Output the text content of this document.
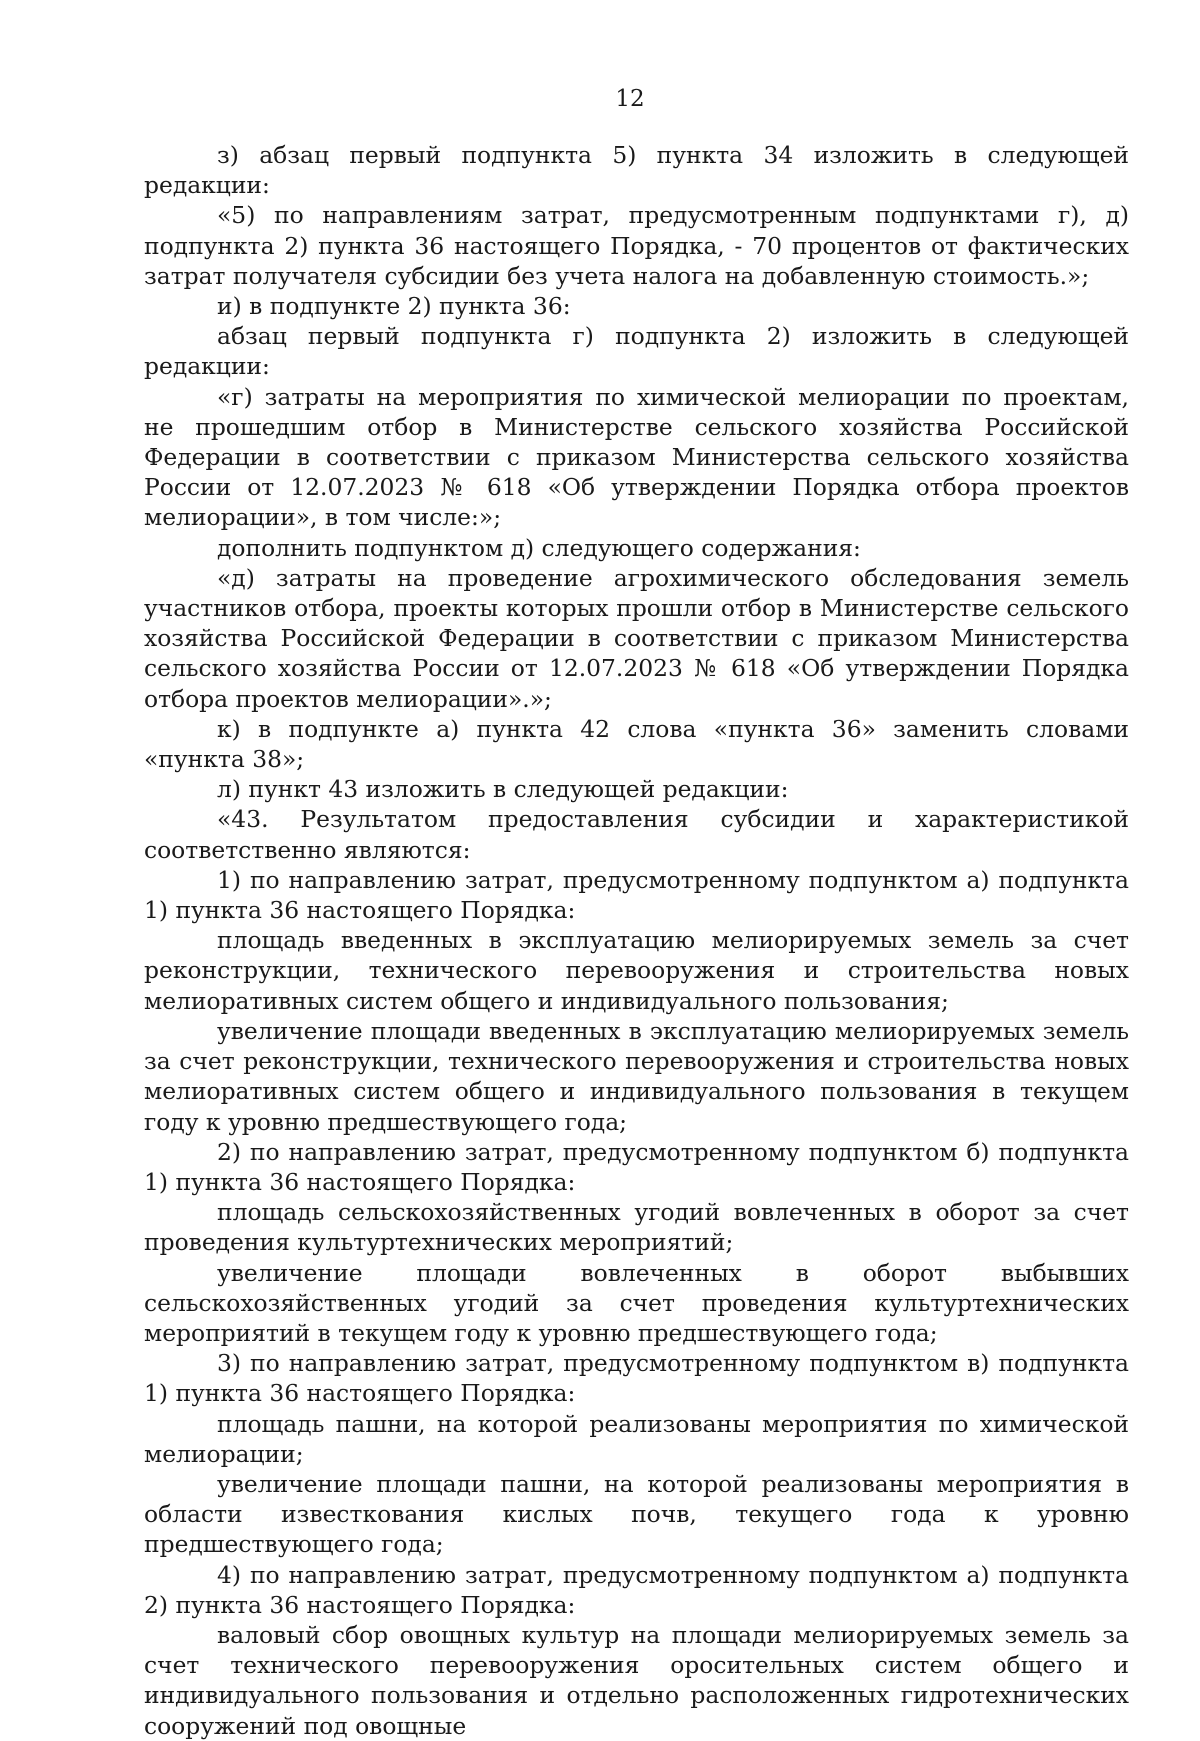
12

з) абзац первый подпункта 5) пункта 34 изложить в следующей редакции:

«5) по направлениям затрат, предусмотренным подпунктами г), д) подпункта 2) пункта 36 настоящего Порядка, - 70 процентов от фактических затрат получателя субсидии без учета налога на добавленную стоимость.»;

и) в подпункте 2) пункта 36:

абзац первый подпункта г) подпункта 2) изложить в следующей редакции:

«г) затраты на мероприятия по химической мелиорации по проектам, не прошедшим отбор в Министерстве сельского хозяйства Российской Федерации в соответствии с приказом Министерства сельского хозяйства России от 12.07.2023 № 618 «Об утверждении Порядка отбора проектов мелиорации», в том числе:»;

дополнить подпунктом д) следующего содержания:

«д) затраты на проведение агрохимического обследования земель участников отбора, проекты которых прошли отбор в Министерстве сельского хозяйства Российской Федерации в соответствии с приказом Министерства сельского хозяйства России от 12.07.2023 № 618 «Об утверждении Порядка отбора проектов мелиорации».»;

к) в подпункте а) пункта 42 слова «пункта 36» заменить словами «пункта 38»;

л) пункт 43 изложить в следующей редакции:

«43. Результатом предоставления субсидии и характеристикой соответственно являются:

1) по направлению затрат, предусмотренному подпунктом а) подпункта 1) пункта 36 настоящего Порядка:

площадь введенных в эксплуатацию мелиорируемых земель за счет реконструкции, технического перевооружения и строительства новых мелиоративных систем общего и индивидуального пользования;

увеличение площади введенных в эксплуатацию мелиорируемых земель за счет реконструкции, технического перевооружения и строительства новых мелиоративных систем общего и индивидуального пользования в текущем году к уровню предшествующего года;

2) по направлению затрат, предусмотренному подпунктом б) подпункта 1) пункта 36 настоящего Порядка:

площадь сельскохозяйственных угодий вовлеченных в оборот за счет проведения культуртехнических мероприятий;

увеличение площади вовлеченных в оборот выбывших сельскохозяйственных угодий за счет проведения культуртехнических мероприятий в текущем году к уровню предшествующего года;

3) по направлению затрат, предусмотренному подпунктом в) подпункта 1) пункта 36 настоящего Порядка:

площадь пашни, на которой реализованы мероприятия по химической мелиорации;

увеличение площади пашни, на которой реализованы мероприятия в области известкования кислых почв, текущего года к уровню предшествующего года;

4) по направлению затрат, предусмотренному подпунктом а) подпункта 2) пункта 36 настоящего Порядка:

валовый сбор овощных культур на площади мелиорируемых земель за счет технического перевооружения оросительных систем общего и индивидуального пользования и отдельно расположенных гидротехнических сооружений под овощные
